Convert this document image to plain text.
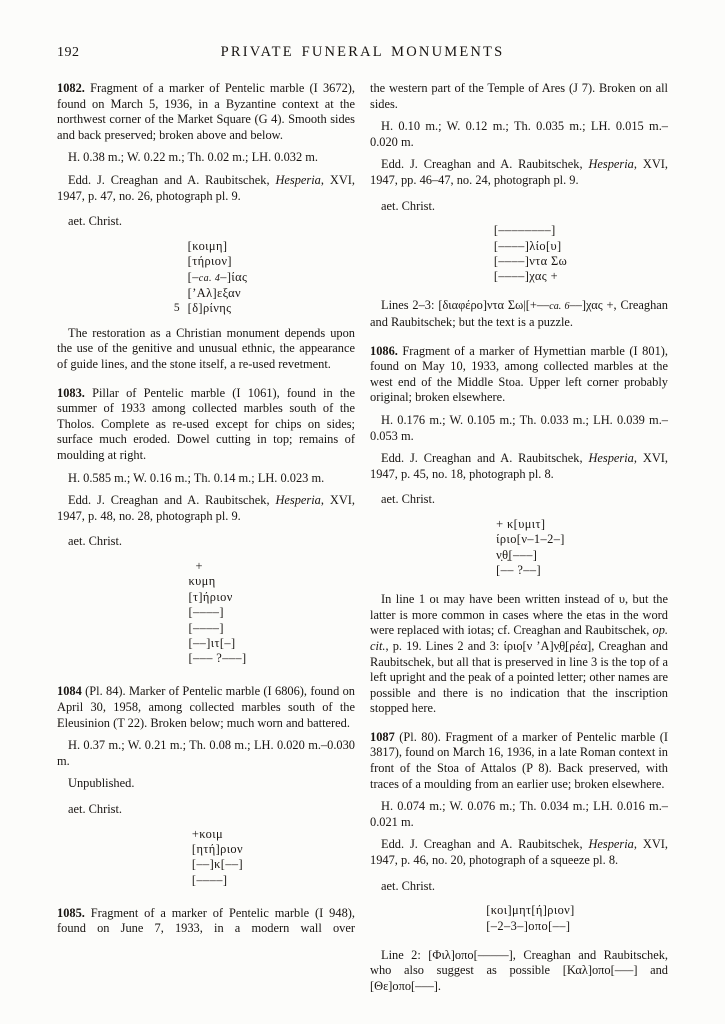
192	PRIVATE FUNERAL MONUMENTS

1082. Fragment of a marker of Pentelic marble (I 3672), found on March 5, 1936, in a Byzantine context at the northwest corner of the Market Square (G 4). Smooth sides and back preserved; broken above and below.

H. 0.38 m.; W. 0.22 m.; Th. 0.02 m.; LH. 0.032 m.

Edd. J. Creaghan and A. Raubitschek, Hesperia, XVI, 1947, p. 47, no. 26, photograph pl. 9.

aet. Christ.

[κοιμη]
[τήριον]
[–ca. 4–]ίας
[’Αλ]εξαν
5 [δ]ρίνης

The restoration as a Christian monument depends upon the use of the genitive and unusual ethnic, the appearance of guide lines, and the stone itself, a re-used revetment.

1083. Pillar of Pentelic marble (I 1061), found in the summer of 1933 among collected marbles south of the Tholos. Complete as re-used except for chips on sides; surface much eroded. Dowel cutting in top; remains of moulding at right.

H. 0.585 m.; W. 0.16 m.; Th. 0.14 m.; LH. 0.023 m.

Edd. J. Creaghan and A. Raubitschek, Hesperia, XVI, 1947, p. 48, no. 28, photograph pl. 9.

aet. Christ.

+
κυμη
[τ]ήριον
[––––]
[––––]
[––]ιτ[–]
[––– ?–––]

1084 (Pl. 84). Marker of Pentelic marble (I 6806), found on April 30, 1958, among collected marbles south of the Eleusinion (T 22). Broken below; much worn and battered.

H. 0.37 m.; W. 0.21 m.; Th. 0.08 m.; LH. 0.020 m.–0.030 m.

Unpublished.

aet. Christ.

+κοιμ
[ητή]ριον
[––]κ[––]
[––––]

1085. Fragment of a marker of Pentelic marble (I 948), found on June 7, 1933, in a modern wall over

the western part of the Temple of Ares (J 7). Broken on all sides.

H. 0.10 m.; W. 0.12 m.; Th. 0.035 m.; LH. 0.015 m.–0.020 m.

Edd. J. Creaghan and A. Raubitschek, Hesperia, XVI, 1947, pp. 46–47, no. 24, photograph pl. 9.

aet. Christ.

[––––––––]
[––––]λίο[υ]
[––––]ντα Σω
[––––]χας +

Lines 2–3: [διαφέρο]ντα Σω|[+––ca. 6––]χας +, Creaghan and Raubitschek; but the text is a puzzle.

1086. Fragment of a marker of Hymettian marble (I 801), found on May 10, 1933, among collected marbles at the west end of the Middle Stoa. Upper left corner probably original; broken elsewhere.

H. 0.176 m.; W. 0.105 m.; Th. 0.033 m.; LH. 0.039 m.–0.053 m.

Edd. J. Creaghan and A. Raubitschek, Hesperia, XVI, 1947, p. 45, no. 18, photograph pl. 8.

aet. Christ.

+ κ[υμιτ]
ίριο[ν–1–2–]
ν̣θ̣[–––]
[–– ?––]

In line 1 οι may have been written instead of υ, but the latter is more common in cases where the etas in the word were replaced with iotas; cf. Creaghan and Raubitschek, op. cit., p. 19. Lines 2 and 3: ίριο[ν ’Α]ν̣θ̣[ρέα], Creaghan and Raubitschek, but all that is preserved in line 3 is the top of a left upright and the peak of a pointed letter; other names are possible and there is no indication that the inscription stopped here.

1087 (Pl. 80). Fragment of a marker of Pentelic marble (I 3817), found on March 16, 1936, in a late Roman context in front of the Stoa of Attalos (P 8). Back preserved, with traces of a moulding from an earlier use; broken elsewhere.

H. 0.074 m.; W. 0.076 m.; Th. 0.034 m.; LH. 0.016 m.–0.021 m.

Edd. J. Creaghan and A. Raubitschek, Hesperia, XVI, 1947, p. 46, no. 20, photograph of a squeeze pl. 8.

aet. Christ.

[κοι]μητ[ή]ριον]
[–2–3–]οπο[––]

Line 2: [Φιλ]οπο[–––––], Creaghan and Raubitschek, who also suggest as possible [Καλ]οπο[–––] and [Θε]οπο[–––].
